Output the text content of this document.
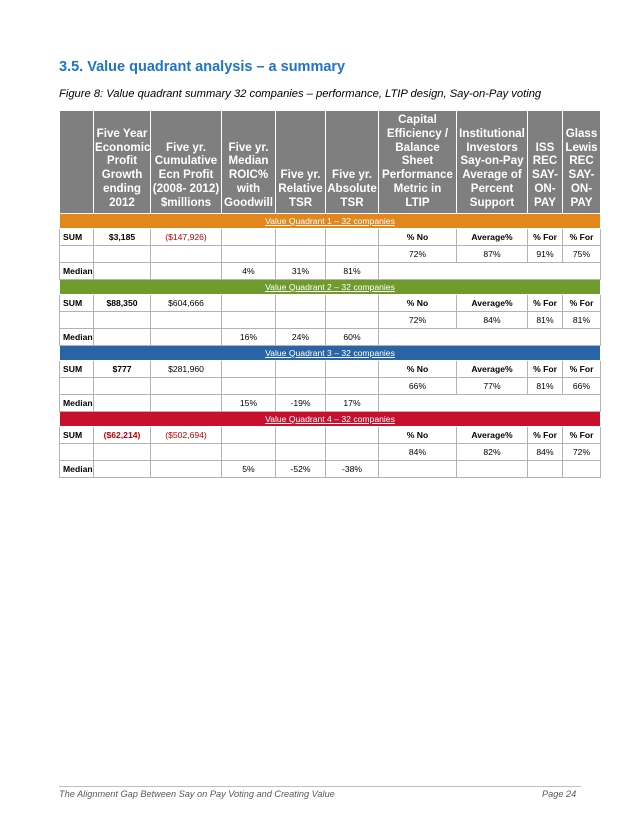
3.5. Value quadrant analysis – a summary

Figure 8: Value quadrant summary 32 companies – performance, LTIP design, Say-on-Pay voting

	Five Year Economic Profit Growth ending 2012	Five yr. Cumulative Ecn Profit (2008- 2012) $millions	Five yr. Median ROIC% with Goodwill	Five yr. Relative TSR	Five yr. Absolute TSR	Capital Efficiency / Balance Sheet Performance Metric in LTIP	Institutional Investors Say-on-Pay Average of Percent Support	ISS REC SAY-ON-PAY	Glass Lewis REC SAY-ON-PAY
Value Quadrant 1 – 32 companies									
SUM	$3,185	($147,926)				% No	Average%	% For	% For
						72%	87%	91%	75%
Median			4%	31%	81%				
Value Quadrant 2 – 32 companies									
SUM	$88,350	$604,666				% No	Average%	% For	% For
						72%	84%	81%	81%
Median			16%	24%	60%				
Value Quadrant 3 – 32 companies									
SUM	$777	$281,960				% No	Average%	% For	% For
						66%	77%	81%	66%
Median			15%	-19%	17%				
Value Quadrant 4 – 32 companies									
SUM	($62,214)	($502,694)				% No	Average%	% For	% For
						84%	82%	84%	72%
Median			5%	-52%	-38%				
The Alignment Gap Between Say on Pay Voting and Creating Value	Page 24
